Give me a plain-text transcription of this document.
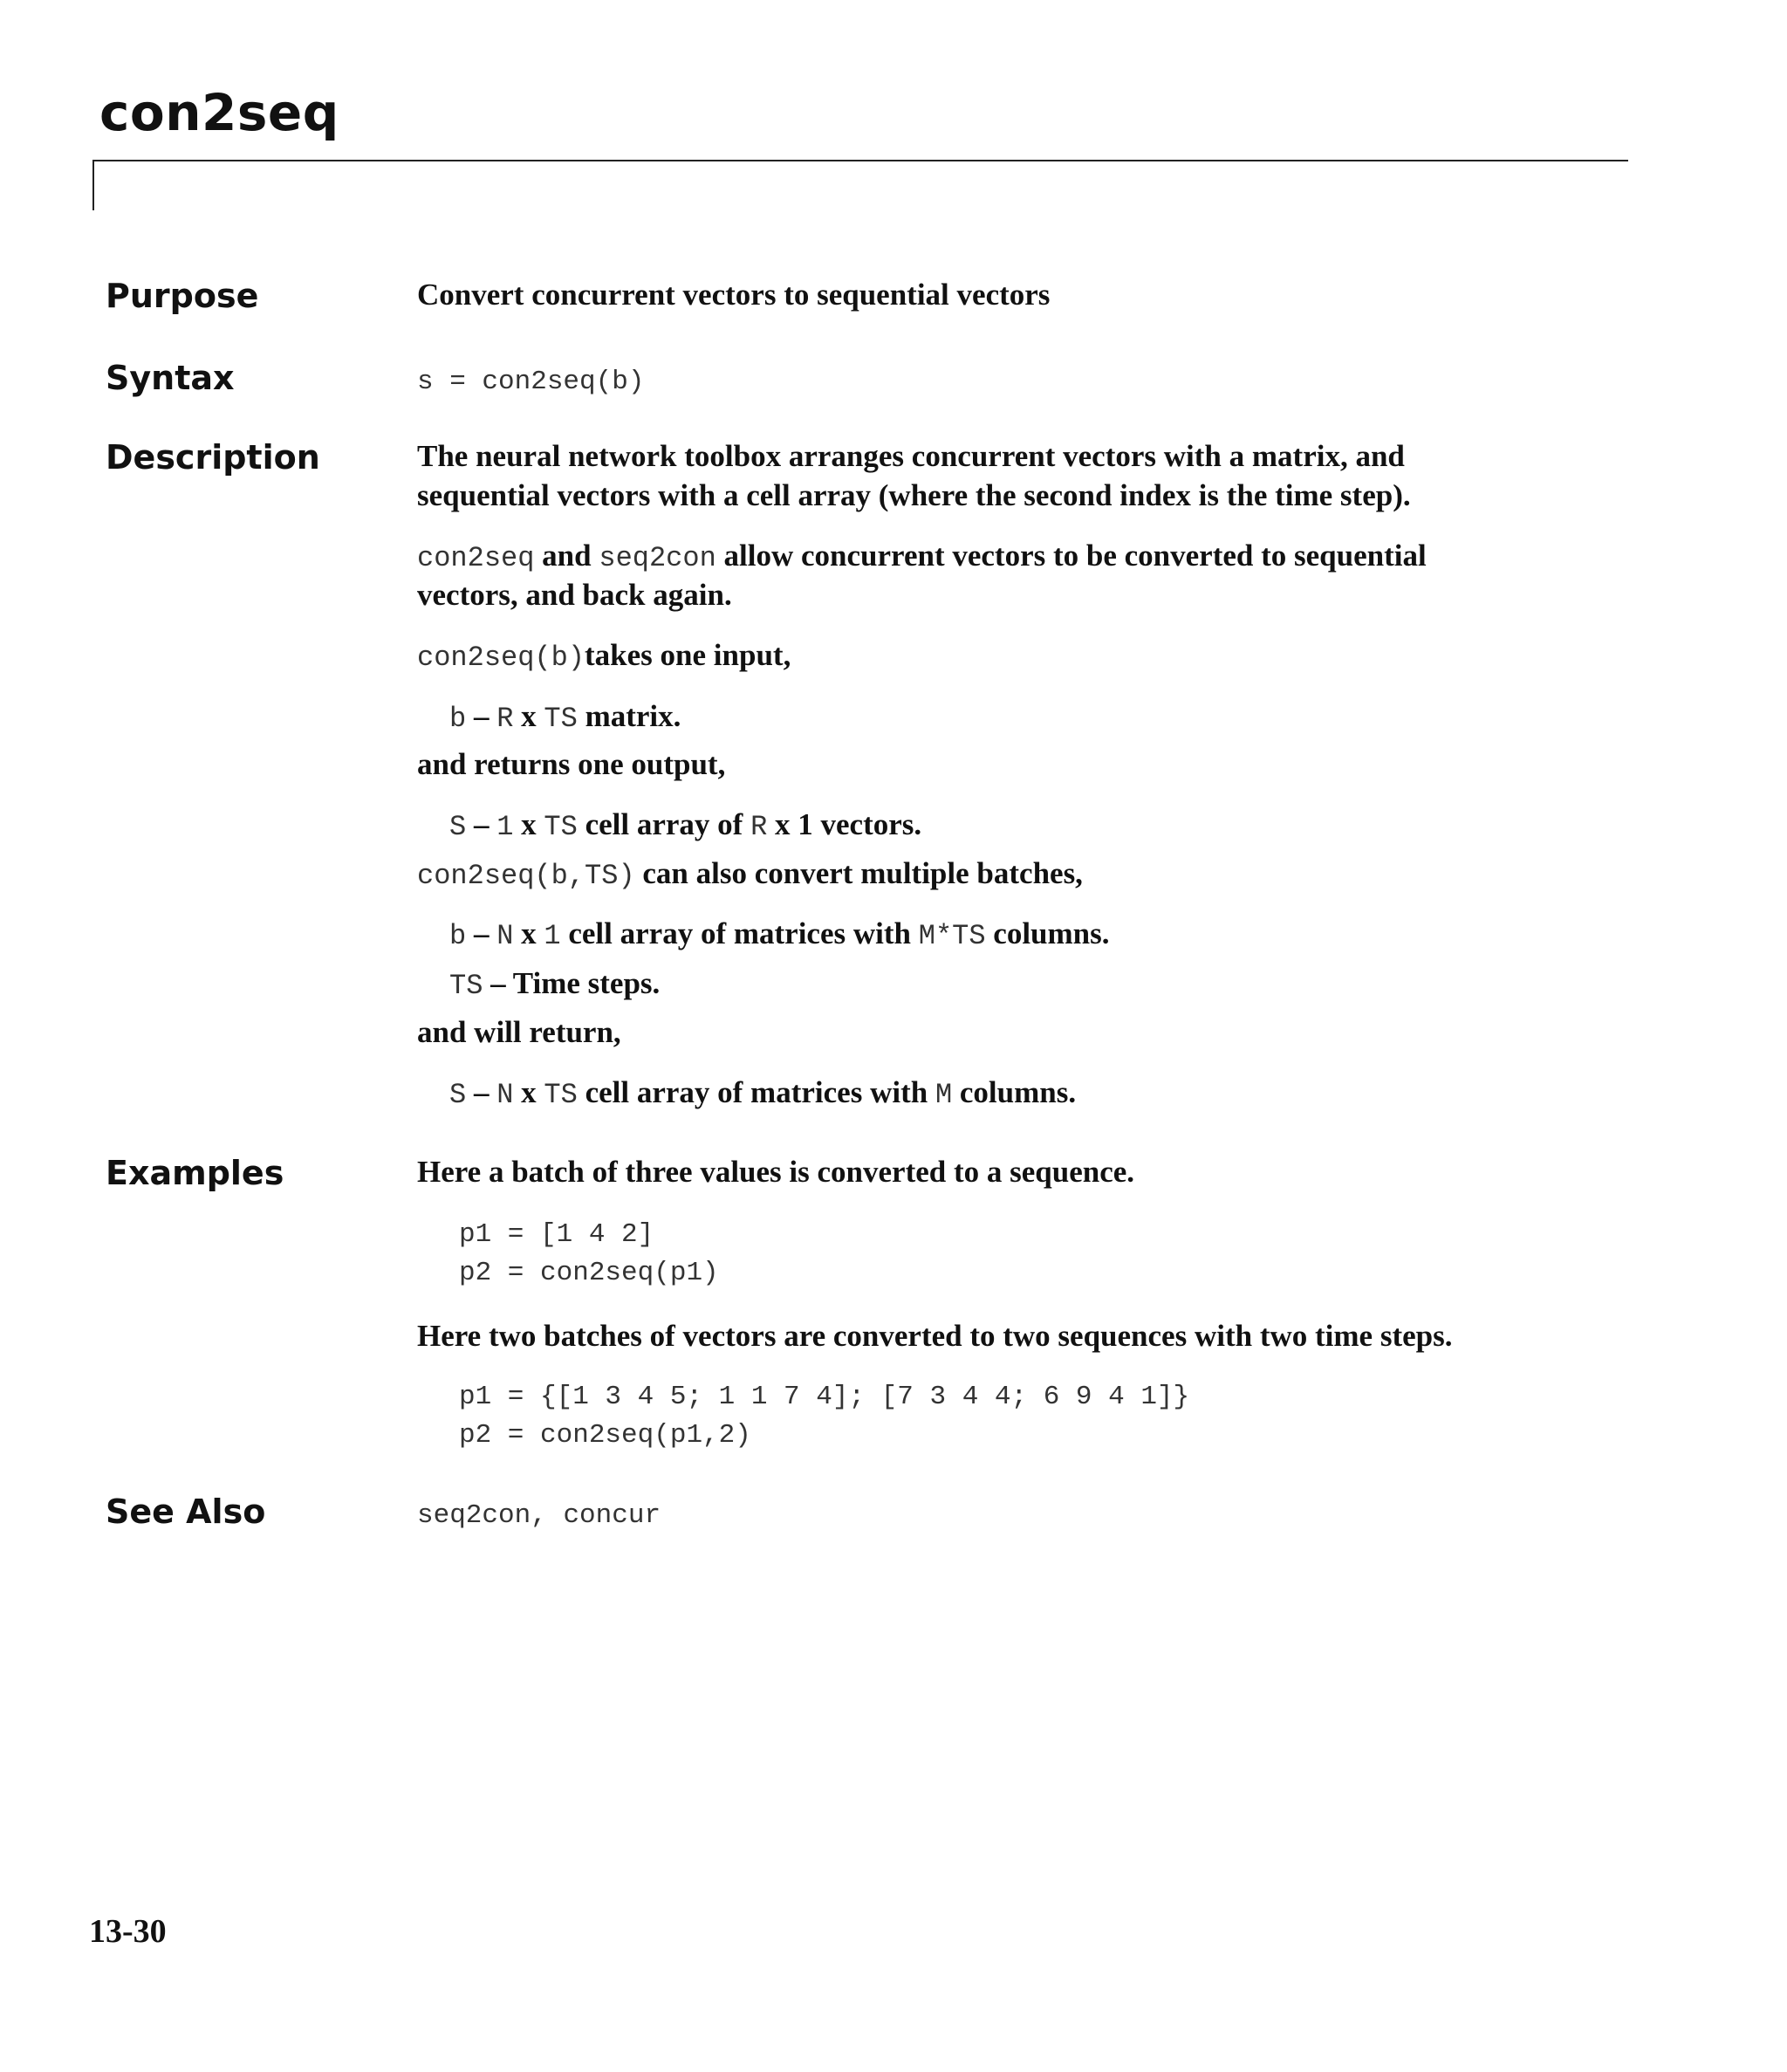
con2seq
Purpose	Convert concurrent vectors to sequential vectors
Syntax	s = con2seq(b)
Description	The neural network toolbox arranges concurrent vectors with a matrix, and
sequential vectors with a cell array (where the second index is the time step).
con2seq and seq2con allow concurrent vectors to be converted to sequential
vectors, and back again.
con2seq(b)takes one input,
b – R x TS matrix.
and returns one output,
S – 1 x TS cell array of R x 1 vectors.
con2seq(b,TS) can also convert multiple batches,
b – N x 1 cell array of matrices with M*TS columns.
TS – Time steps.
and will return,
S – N x TS cell array of matrices with M columns.
Examples	Here a batch of three values is converted to a sequence.
p1 = [1 4 2]
p2 = con2seq(p1)
Here two batches of vectors are converted to two sequences with two time steps.
p1 = {[1 3 4 5; 1 1 7 4]; [7 3 4 4; 6 9 4 1]}
p2 = con2seq(p1,2)
See Also	seq2con, concur
13-30
